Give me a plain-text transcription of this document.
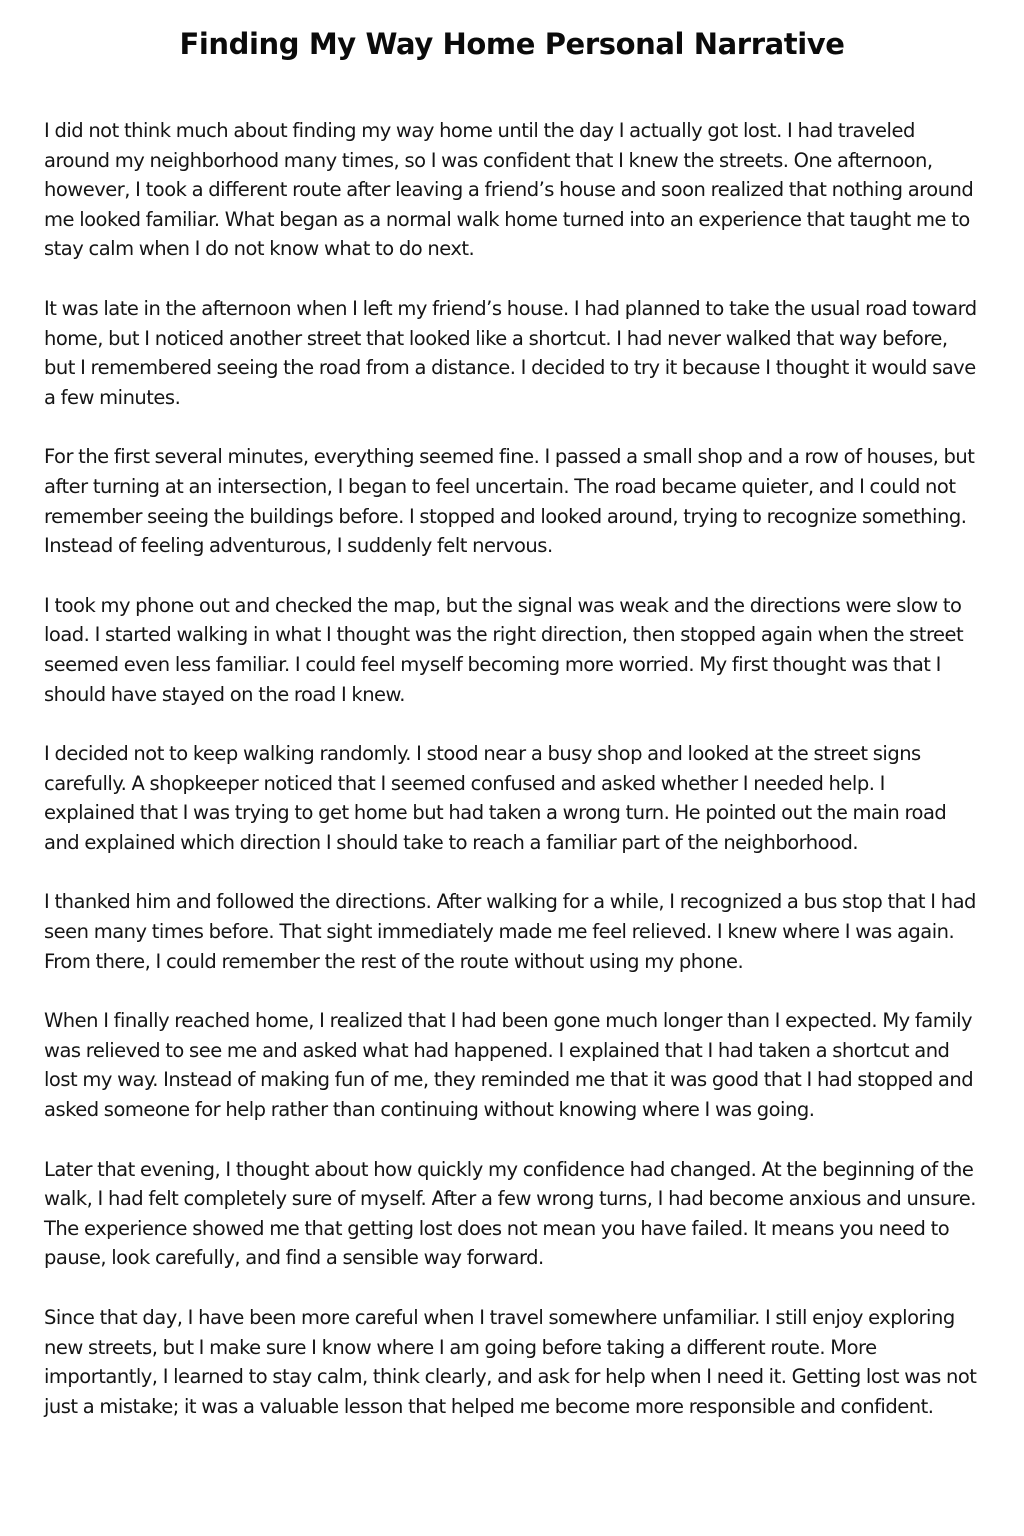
Finding My Way Home Personal Narrative

I did not think much about finding my way home until the day I actually got lost. I had traveled around my neighborhood many times, so I was confident that I knew the streets. One afternoon, however, I took a different route after leaving a friend’s house and soon realized that nothing around me looked familiar. What began as a normal walk home turned into an experience that taught me to stay calm when I do not know what to do next.

It was late in the afternoon when I left my friend’s house. I had planned to take the usual road toward home, but I noticed another street that looked like a shortcut. I had never walked that way before, but I remembered seeing the road from a distance. I decided to try it because I thought it would save a few minutes.

For the first several minutes, everything seemed fine. I passed a small shop and a row of houses, but after turning at an intersection, I began to feel uncertain. The road became quieter, and I could not remember seeing the buildings before. I stopped and looked around, trying to recognize something. Instead of feeling adventurous, I suddenly felt nervous.

I took my phone out and checked the map, but the signal was weak and the directions were slow to load. I started walking in what I thought was the right direction, then stopped again when the street seemed even less familiar. I could feel myself becoming more worried. My first thought was that I should have stayed on the road I knew.

I decided not to keep walking randomly. I stood near a busy shop and looked at the street signs carefully. A shopkeeper noticed that I seemed confused and asked whether I needed help. I explained that I was trying to get home but had taken a wrong turn. He pointed out the main road and explained which direction I should take to reach a familiar part of the neighborhood.

I thanked him and followed the directions. After walking for a while, I recognized a bus stop that I had seen many times before. That sight immediately made me feel relieved. I knew where I was again. From there, I could remember the rest of the route without using my phone.

When I finally reached home, I realized that I had been gone much longer than I expected. My family was relieved to see me and asked what had happened. I explained that I had taken a shortcut and lost my way. Instead of making fun of me, they reminded me that it was good that I had stopped and asked someone for help rather than continuing without knowing where I was going.

Later that evening, I thought about how quickly my confidence had changed. At the beginning of the walk, I had felt completely sure of myself. After a few wrong turns, I had become anxious and unsure. The experience showed me that getting lost does not mean you have failed. It means you need to pause, look carefully, and find a sensible way forward.

Since that day, I have been more careful when I travel somewhere unfamiliar. I still enjoy exploring new streets, but I make sure I know where I am going before taking a different route. More importantly, I learned to stay calm, think clearly, and ask for help when I need it. Getting lost was not just a mistake; it was a valuable lesson that helped me become more responsible and confident.
